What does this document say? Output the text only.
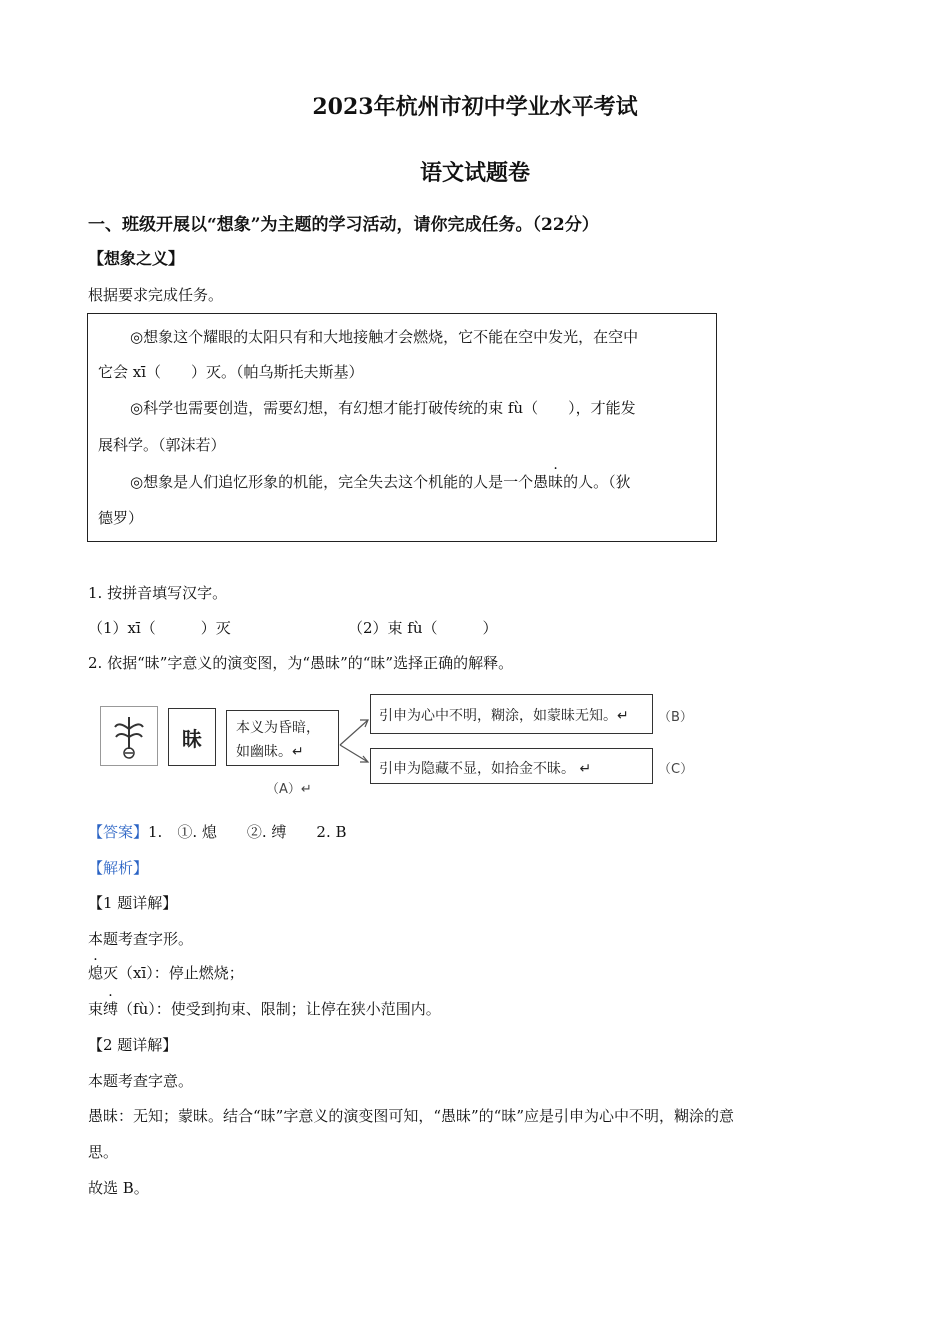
2023年杭州市初中学业水平考试
语文试题卷
一、班级开展以“想象”为主题的学习活动，请你完成任务。（22分）
【想象之义】
根据要求完成任务。
◎想象这个耀眼的太阳只有和大地接触才会燃烧，它不能在空中发光，在空中
它会 xī（　　）灭。（帕乌斯托夫斯基）
◎科学也需要创造，需要幻想，有幻想才能打破传统的束 fù（　　），才能发
展科学。（郭沫若）
◎想象是人们追忆形象的机能，完全失去这个机能的人是一个愚昧的人。（狄
德罗）
1. 按拼音填写汉字。
（1）xī（　　　）灭	（2）束 fù（　　　）
2. 依据“昧”字意义的演变图，为“愚昧”的“昧”选择正确的解释。
昧	本义为昏暗，
如幽昧。↵
（A）↵
引申为心中不明，糊涂，如蒙昧无知。↵ （B）
引申为隐藏不显，如拾金不昧。 ↵	（C）
【答案】1.　①. 熄　　②. 缚　　2. B
【解析】
【1 题详解】
本题考查字形。
熄灭（xī）：停止燃烧；
束缚（fù）：使受到拘束、限制；让停在狭小范围内。
【2 题详解】
本题考查字意。
愚昧：无知；蒙昧。结合“昧”字意义的演变图可知，“愚昧”的“昧”应是引申为心中不明，糊涂的意
思。
故选 B。
